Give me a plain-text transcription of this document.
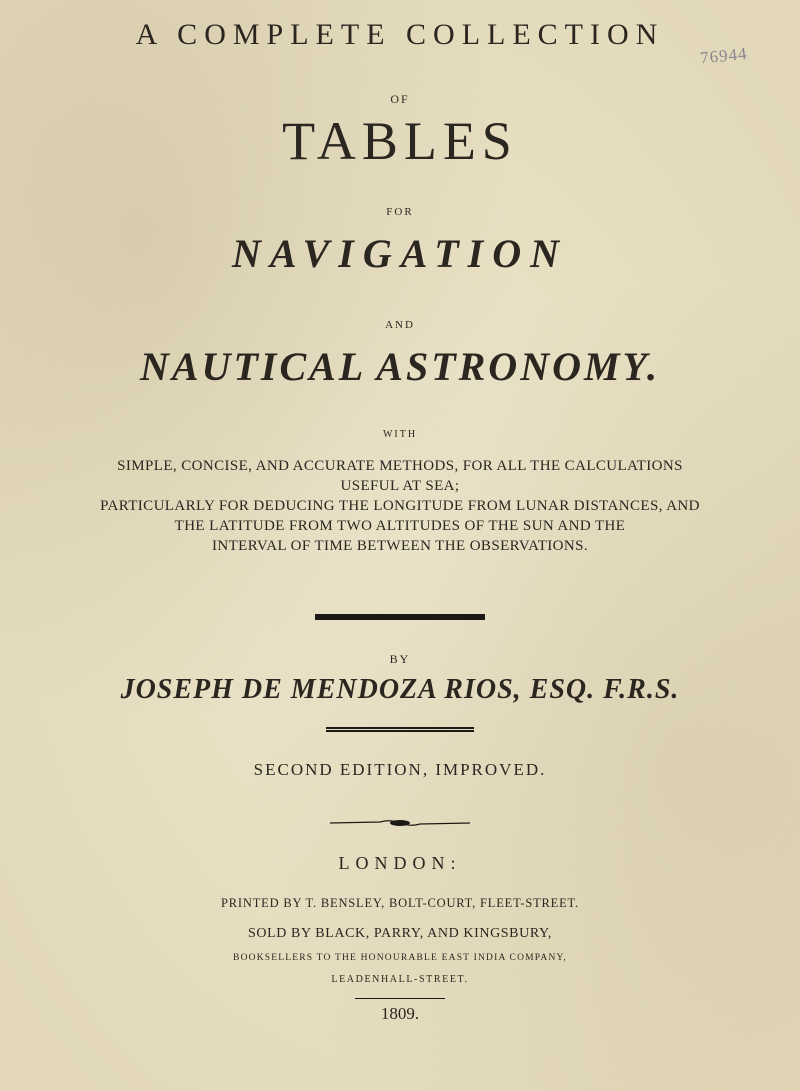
76944
A COMPLETE COLLECTION

OF

TABLES

FOR

NAVIGATION

AND

NAUTICAL ASTRONOMY.

WITH

SIMPLE, CONCISE, AND ACCURATE METHODS, FOR ALL THE CALCULATIONS
USEFUL AT SEA;
PARTICULARLY FOR DEDUCING THE LONGITUDE FROM LUNAR DISTANCES, AND
THE LATITUDE FROM TWO ALTITUDES OF THE SUN AND THE
INTERVAL OF TIME BETWEEN THE OBSERVATIONS.

BY

JOSEPH DE MENDOZA RIOS, ESQ. F.R.S.

SECOND EDITION, IMPROVED.

LONDON:

PRINTED BY T. BENSLEY, BOLT-COURT, FLEET-STREET.

SOLD BY BLACK, PARRY, AND KINGSBURY,

BOOKSELLERS TO THE HONOURABLE EAST INDIA COMPANY,

LEADENHALL-STREET.

1809.
